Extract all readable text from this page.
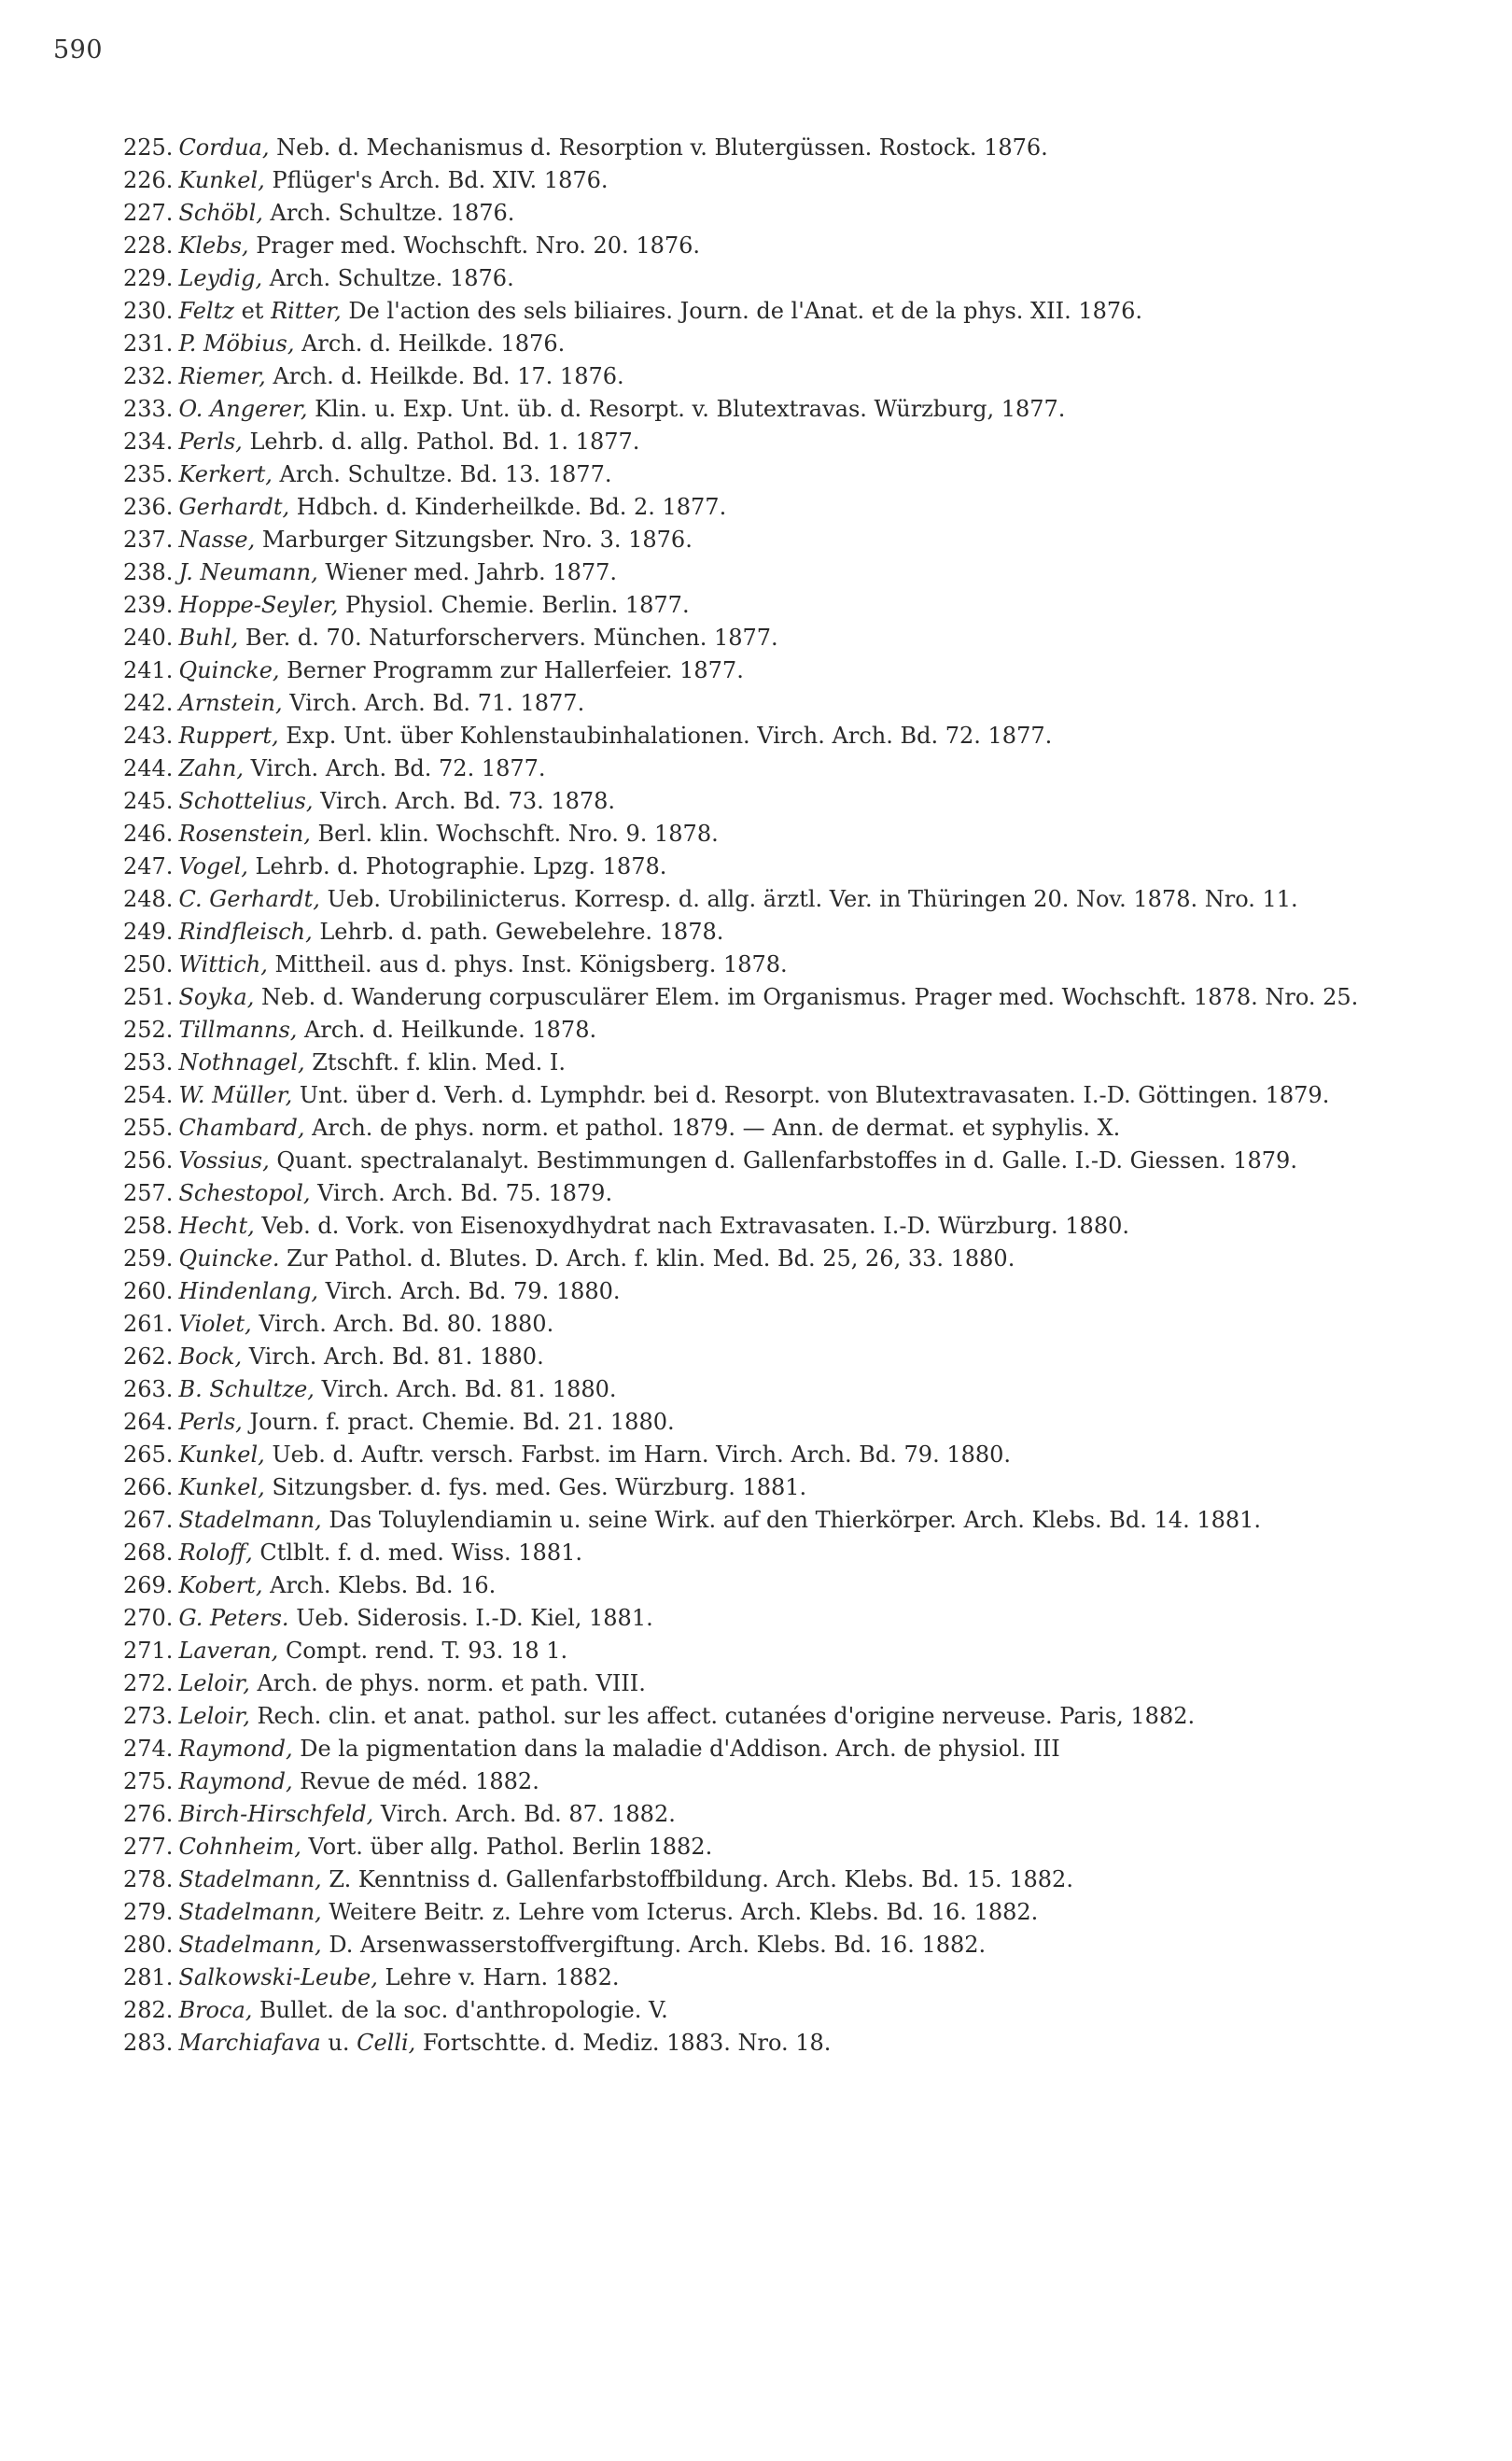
590
225. Cordua, Neb. d. Mechanismus d. Resorption v. Blutergüssen. Rostock. 1876.
226. Kunkel, Pflüger's Arch. Bd. XIV. 1876.
227. Schöbl, Arch. Schultze. 1876.
228. Klebs, Prager med. Wochschft. Nro. 20. 1876.
229. Leydig, Arch. Schultze. 1876.
230. Feltz et Ritter, De l'action des sels biliaires. Journ. de l'Anat. et de la phys. XII. 1876.
231. P. Möbius, Arch. d. Heilkde. 1876.
232. Riemer, Arch. d. Heilkde. Bd. 17. 1876.
233. O. Angerer, Klin. u. Exp. Unt. üb. d. Resorpt. v. Blutextravas. Würzburg, 1877.
234. Perls, Lehrb. d. allg. Pathol. Bd. 1. 1877.
235. Kerkert, Arch. Schultze. Bd. 13. 1877.
236. Gerhardt, Hdbch. d. Kinderheilkde. Bd. 2. 1877.
237. Nasse, Marburger Sitzungsber. Nro. 3. 1876.
238. J. Neumann, Wiener med. Jahrb. 1877.
239. Hoppe-Seyler, Physiol. Chemie. Berlin. 1877.
240. Buhl, Ber. d. 70. Naturforschervers. München. 1877.
241. Quincke, Berner Programm zur Hallerfeier. 1877.
242. Arnstein, Virch. Arch. Bd. 71. 1877.
243. Ruppert, Exp. Unt. über Kohlenstaubinhalationen. Virch. Arch. Bd. 72. 1877.
244. Zahn, Virch. Arch. Bd. 72. 1877.
245. Schottelius, Virch. Arch. Bd. 73. 1878.
246. Rosenstein, Berl. klin. Wochschft. Nro. 9. 1878.
247. Vogel, Lehrb. d. Photographie. Lpzg. 1878.
248. C. Gerhardt, Ueb. Urobilinicterus. Korresp. d. allg. ärztl. Ver. in Thüringen 20. Nov. 1878. Nro. 11.
249. Rindfleisch, Lehrb. d. path. Gewebelehre. 1878.
250. Wittich, Mittheil. aus d. phys. Inst. Königsberg. 1878.
251. Soyka, Neb. d. Wanderung corpusculärer Elem. im Organismus. Prager med. Wochschft. 1878. Nro. 25.
252. Tillmanns, Arch. d. Heilkunde. 1878.
253. Nothnagel, Ztschft. f. klin. Med. I.
254. W. Müller, Unt. über d. Verh. d. Lymphdr. bei d. Resorpt. von Blutextravasaten. I.-D. Göttingen. 1879.
255. Chambard, Arch. de phys. norm. et pathol. 1879. — Ann. de dermat. et syphylis. X.
256. Vossius, Quant. spectralanalyt. Bestimmungen d. Gallenfarbstoffes in d. Galle. I.-D. Giessen. 1879.
257. Schestopol, Virch. Arch. Bd. 75. 1879.
258. Hecht, Veb. d. Vork. von Eisenoxydhydrat nach Extravasaten. I.-D. Würzburg. 1880.
259. Quincke. Zur Pathol. d. Blutes. D. Arch. f. klin. Med. Bd. 25, 26, 33. 1880.
260. Hindenlang, Virch. Arch. Bd. 79. 1880.
261. Violet, Virch. Arch. Bd. 80. 1880.
262. Bock, Virch. Arch. Bd. 81. 1880.
263. B. Schultze, Virch. Arch. Bd. 81. 1880.
264. Perls, Journ. f. pract. Chemie. Bd. 21. 1880.
265. Kunkel, Ueb. d. Auftr. versch. Farbst. im Harn. Virch. Arch. Bd. 79. 1880.
266. Kunkel, Sitzungsber. d. fys. med. Ges. Würzburg. 1881.
267. Stadelmann, Das Toluylendiamin u. seine Wirk. auf den Thierkörper. Arch. Klebs. Bd. 14. 1881.
268. Roloff, Ctlblt. f. d. med. Wiss. 1881.
269. Kobert, Arch. Klebs. Bd. 16.
270. G. Peters. Ueb. Siderosis. I.-D. Kiel, 1881.
271. Laveran, Compt. rend. T. 93. 18 1.
272. Leloir, Arch. de phys. norm. et path. VIII.
273. Leloir, Rech. clin. et anat. pathol. sur les affect. cutanées d'origine nerveuse. Paris, 1882.
274. Raymond, De la pigmentation dans la maladie d'Addison. Arch. de physiol. III
275. Raymond, Revue de méd. 1882.
276. Birch-Hirschfeld, Virch. Arch. Bd. 87. 1882.
277. Cohnheim, Vort. über allg. Pathol. Berlin 1882.
278. Stadelmann, Z. Kenntniss d. Gallenfarbstoffbildung. Arch. Klebs. Bd. 15. 1882.
279. Stadelmann, Weitere Beitr. z. Lehre vom Icterus. Arch. Klebs. Bd. 16. 1882.
280. Stadelmann, D. Arsenwasserstoffvergiftung. Arch. Klebs. Bd. 16. 1882.
281. Salkowski-Leube, Lehre v. Harn. 1882.
282. Broca, Bullet. de la soc. d'anthropologie. V.
283. Marchiafava u. Celli, Fortschtte. d. Mediz. 1883. Nro. 18.
